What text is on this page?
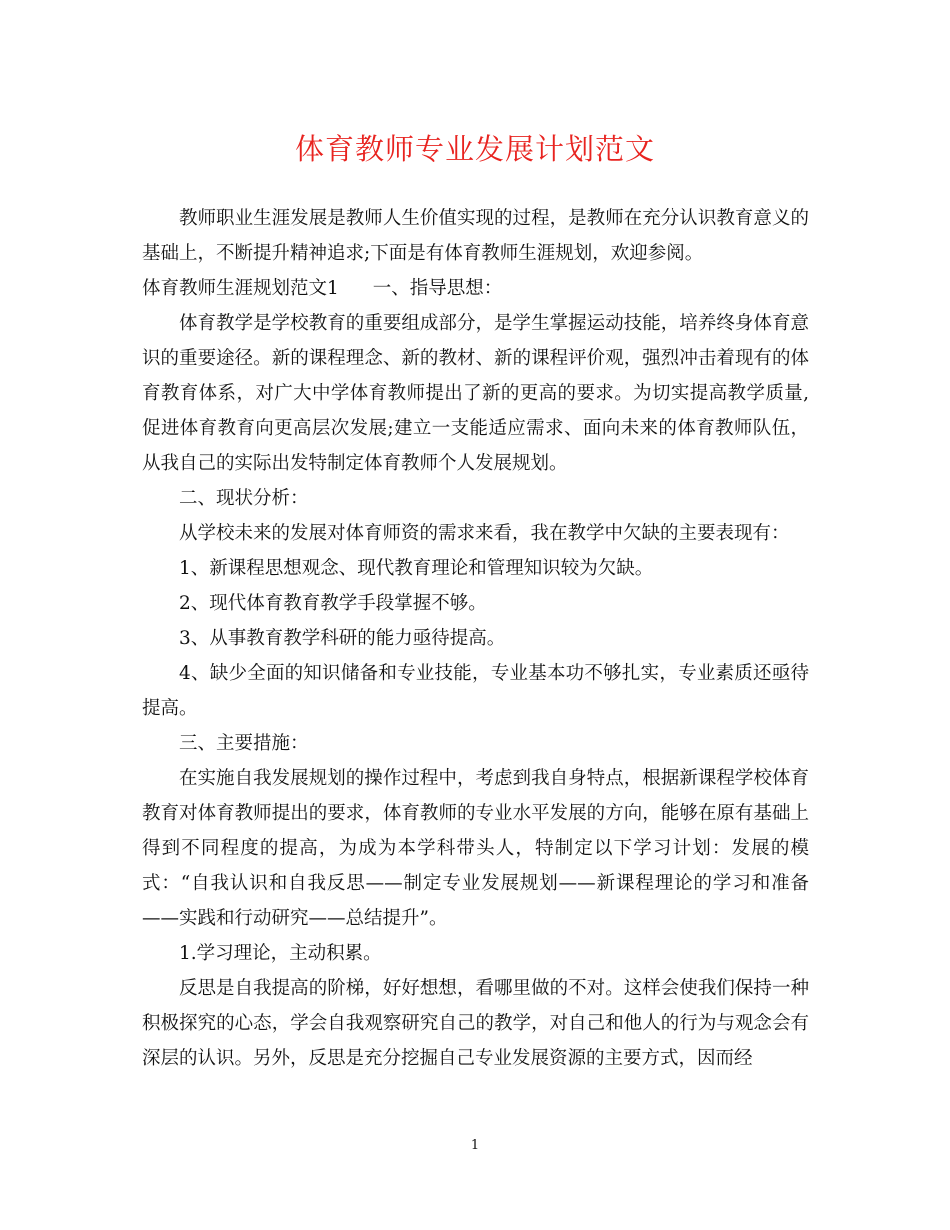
体育教师专业发展计划范文

教师职业生涯发展是教师人生价值实现的过程，是教师在充分认识教育意义的基础上，不断提升精神追求;下面是有体育教师生涯规划，欢迎参阅。

体育教师生涯规划范文1 一、指导思想：

体育教学是学校教育的重要组成部分，是学生掌握运动技能，培养终身体育意识的重要途径。新的课程理念、新的教材、新的课程评价观，强烈冲击着现有的体育教育体系，对广大中学体育教师提出了新的更高的要求。为切实提高教学质量,促进体育教育向更高层次发展;建立一支能适应需求、面向未来的体育教师队伍，从我自己的实际出发特制定体育教师个人发展规划。

二、现状分析：

从学校未来的发展对体育师资的需求来看，我在教学中欠缺的主要表现有：

1、新课程思想观念、现代教育理论和管理知识较为欠缺。

2、现代体育教育教学手段掌握不够。

3、从事教育教学科研的能力亟待提高。

4、缺少全面的知识储备和专业技能，专业基本功不够扎实，专业素质还亟待提高。

三、主要措施：

在实施自我发展规划的操作过程中，考虑到我自身特点，根据新课程学校体育教育对体育教师提出的要求，体育教师的专业水平发展的方向，能够在原有基础上得到不同程度的提高，为成为本学科带头人，特制定以下学习计划：发展的模式：“自我认识和自我反思——制定专业发展规划——新课程理论的学习和准备——实践和行动研究——总结提升”。

1.学习理论，主动积累。

反思是自我提高的阶梯，好好想想，看哪里做的不对。这样会使我们保持一种积极探究的心态，学会自我观察研究自己的教学，对自己和他人的行为与观念会有深层的认识。另外，反思是充分挖掘自己专业发展资源的主要方式，因而经

1
